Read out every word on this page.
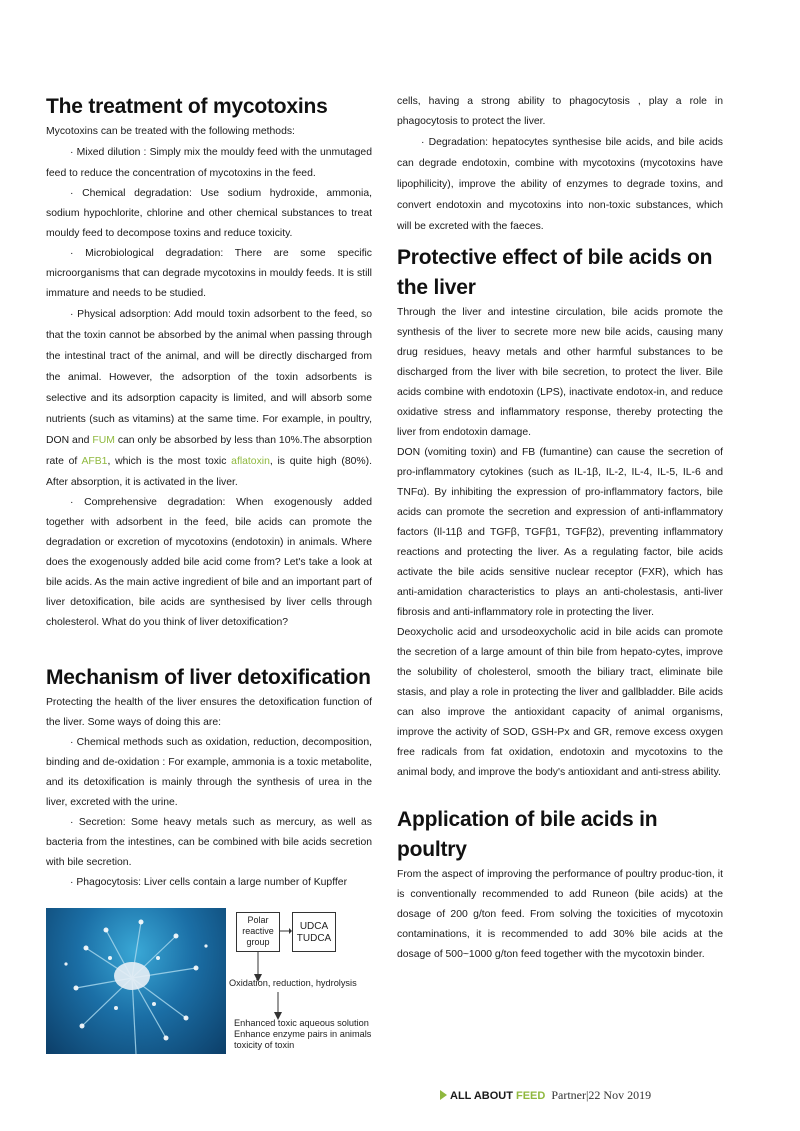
The treatment of mycotoxins

Mycotoxins can be treated with the following methods:

· Mixed dilution : Simply mix the mouldy feed with the unmutaged feed to reduce the concentration of mycotoxins in the feed.

· Chemical degradation: Use sodium hydroxide, ammonia, sodium hypochlorite, chlorine and other chemical substances to treat mouldy feed to decompose toxins and reduce toxicity.

· Microbiological degradation: There are some specific microorganisms that can degrade mycotoxins in mouldy feeds. It is still immature and needs to be studied.

· Physical adsorption: Add mould toxin adsorbent to the feed, so that the toxin cannot be absorbed by the animal when passing through the intestinal tract of the animal, and will be directly discharged from the animal. However, the adsorption of the toxin adsorbents is selective and its adsorption capacity is limited, and will absorb some nutrients (such as vitamins) at the same time. For example, in poultry, DON and FUM can only be absorbed by less than 10%.The absorption rate of AFB1, which is the most toxic aflatoxin, is quite high (80%). After absorption, it is activated in the liver.

· Comprehensive degradation: When exogenously added together with adsorbent in the feed, bile acids can promote the degradation or excretion of mycotoxins (endotoxin) in animals. Where does the exogenously added bile acid come from? Let's take a look at bile acids. As the main active ingredient of bile and an important part of liver detoxification, bile acids are synthesised by liver cells through cholesterol. What do you think of liver detoxification?

Mechanism of liver detoxification

Protecting the health of the liver ensures the detoxification function of the liver. Some ways of doing this are:

· Chemical methods such as oxidation, reduction, decomposition, binding and de-oxidation : For example, ammonia is a toxic metabolite, and its detoxification is mainly through the synthesis of urea in the liver, excreted with the urine.

· Secretion: Some heavy metals such as mercury, as well as bacteria from the intestines, can be combined with bile acids secretion with bile secretion.

· Phagocytosis: Liver cells contain a large number of Kupffer

Polar
reactive
group
UDCA
TUDCA
Oxidation, reduction, hydrolysis
Enhanced toxic aqueous solution
Enhance enzyme pairs in animals
toxicity of toxin

cells, having a strong ability to phagocytosis , play a role in phagocytosis to protect the liver.

· Degradation: hepatocytes synthesise bile acids, and bile acids can degrade endotoxin, combine with mycotoxins (mycotoxins have lipophilicity), improve the ability of enzymes to degrade toxins, and convert endotoxin and mycotoxins into non-toxic substances, which will be excreted with the faeces.

Protective effect of bile acids on the liver

Through the liver and intestine circulation, bile acids promote the synthesis of the liver to secrete more new bile acids, causing many drug residues, heavy metals and other harmful substances to be discharged from the liver with bile secretion, to protect the liver. Bile acids combine with endotoxin (LPS), inactivate endotox-in, and reduce oxidative stress and inflammatory response, thereby protecting the liver from endotoxin damage.

DON (vomiting toxin) and FB (fumantine) can cause the secretion of pro-inflammatory cytokines (such as IL-1β, IL-2, IL-4, IL-5, IL-6 and TNFα). By inhibiting the expression of pro-inflammatory factors, bile acids can promote the secretion and expression of anti-inflammatory factors (Il-11β and TGFβ, TGFβ1, TGFβ2), preventing inflammatory reactions and protecting the liver. As a regulating factor, bile acids activate the bile acids sensitive nuclear receptor (FXR), which has anti-amidation characteristics to plays an anti-cholestasis, anti-liver fibrosis and anti-inflammatory role in protecting the liver.

Deoxycholic acid and ursodeoxycholic acid in bile acids can promote the secretion of a large amount of thin bile from hepato-cytes, improve the solubility of cholesterol, smooth the biliary tract, eliminate bile stasis, and play a role in protecting the liver and gallbladder. Bile acids can also improve the antioxidant capacity of animal organisms, improve the activity of SOD, GSH-Px and GR, remove excess oxygen free radicals from fat oxidation, endotoxin and mycotoxins to the animal body, and improve the body's antioxidant and anti-stress ability.

Application of bile acids in poultry

From the aspect of improving the performance of poultry produc-tion, it is conventionally recommended to add Runeon (bile acids) at the dosage of 200 g/ton feed. From solving the toxicities of mycotoxin contaminations, it is recommended to add 30% bile acids at the dosage of 500~1000 g/ton feed together with the mycotoxin binder.

ALL ABOUT FEED Partner|22 Nov 2019
